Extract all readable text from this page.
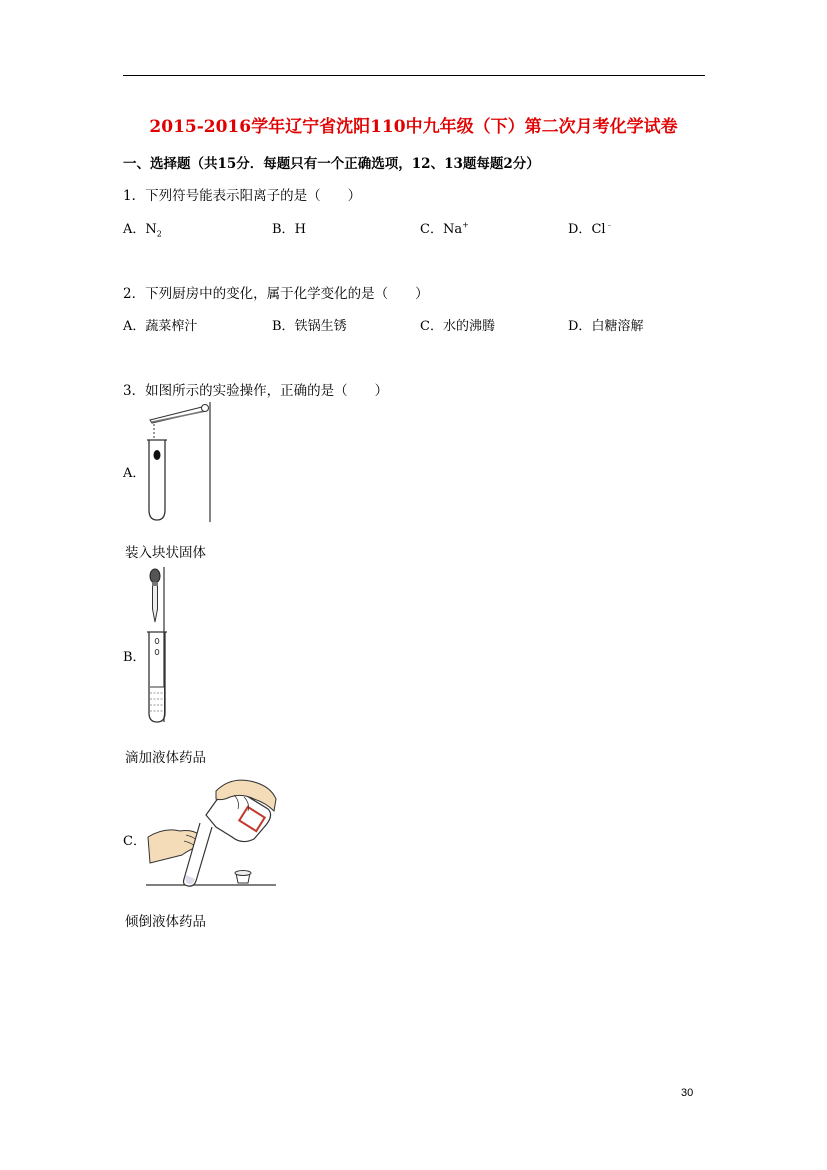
2015-2016学年辽宁省沈阳110中九年级（下）第二次月考化学试卷
一、选择题（共15分．每题只有一个正确选项，12、13题每题2分）
1．下列符号能表示阳离子的是（　　）
A．$N_2$	B．H	C．Na+	D．Cl﹣
2．下列厨房中的变化，属于化学变化的是（　　）
A．蔬菜榨汁	B．铁锅生锈	C．水的沸腾	D．白糖溶解
3．如图所示的实验操作，正确的是（　　）
A．
装入块状固体
B．
滴加液体药品
C．
倾倒液体药品
30
